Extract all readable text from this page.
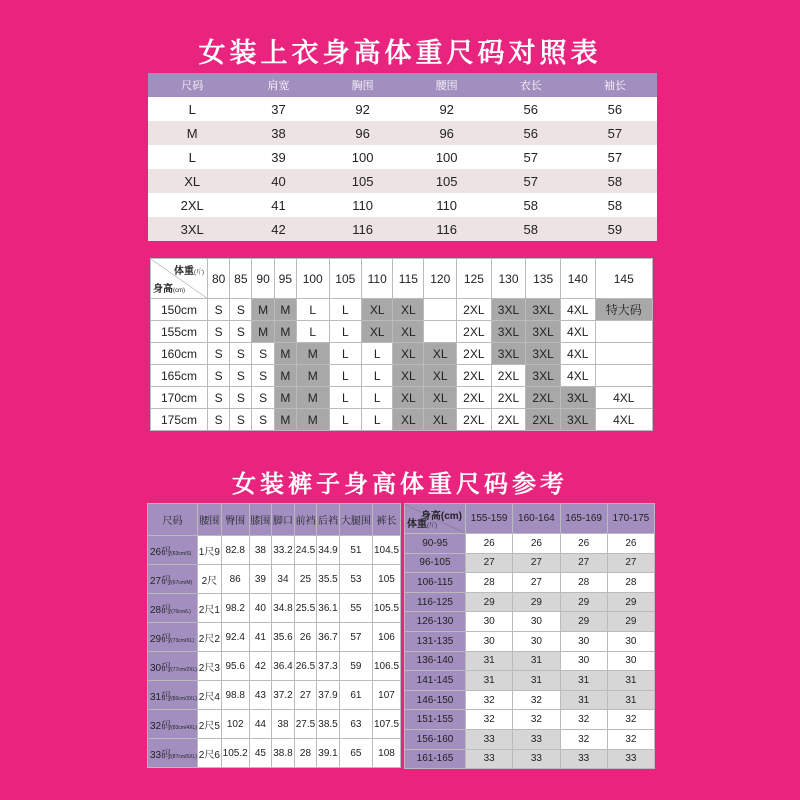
女装上衣身高体重尺码对照表
尺码	肩宽	胸围	腰围	衣长	袖长
L	37	92	92	56	56
M	38	96	96	56	57
L	39	100	100	57	57
XL	40	105	105	57	58
2XL	41	110	110	58	58
3XL	42	116	116	58	59
体重(斤)
身高(cm)	80	85	90	95	100	105	110	115	120	125	130	135	140	145
150cm	S	S	M	M	L	L	XL	XL		2XL	3XL	3XL	4XL	特大码
155cm	S	S	M	M	L	L	XL	XL		2XL	3XL	3XL	4XL	
160cm	S	S	S	M	M	L	L	XL	XL	2XL	3XL	3XL	4XL	
165cm	S	S	S	M	M	L	L	XL	XL	2XL	2XL	3XL	4XL	
170cm	S	S	S	M	M	L	L	XL	XL	2XL	2XL	2XL	3XL	4XL
175cm	S	S	S	M	M	L	L	XL	XL	2XL	2XL	2XL	3XL	4XL
女装裤子身高体重尺码参考
尺码	腰围	臀围	膝围	脚口	前裆	后裆	大腿围	裤长
26码(63cm/S)	1尺9	82.8	38	33.2	24.5	34.9	51	104.5
27码(67cm/M)	2尺	86	39	34	25	35.5	53	105
28码(70cm/L)	2尺1	98.2	40	34.8	25.5	36.1	55	105.5
29码(73cm/XL)	2尺2	92.4	41	35.6	26	36.7	57	106
30码(77cm/2XL)	2尺3	95.6	42	36.4	26.5	37.3	59	106.5
31码(80cm/3XL)	2尺4	98.8	43	37.2	27	37.9	61	107
32码(83cm/4XL)	2尺5	102	44	38	27.5	38.5	63	107.5
33码(87cm/5XL)	2尺6	105.2	45	38.8	28	39.1	65	108
身高(cm)
体重(斤)	155-159	160-164	165-169	170-175
90-95	26	26	26	26
96-105	27	27	27	27
106-115	28	27	28	28
116-125	29	29	29	29
126-130	30	30	29	29
131-135	30	30	30	30
136-140	31	31	30	30
141-145	31	31	31	31
146-150	32	32	31	31
151-155	32	32	32	32
156-160	33	33	32	32
161-165	33	33	33	33
